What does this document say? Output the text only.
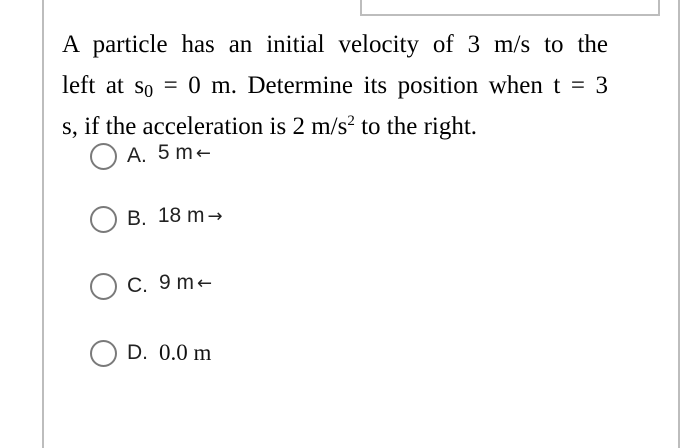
A particle has an initial velocity of 3 m/s to the
left at $s_0 = 0$ m. Determine its position when t = 3
s, if the acceleration is 2 $m/s^2$ to the right.
A. 5 m ←
B. 18 m →
C. 9 m ←
D. 0.0 m
